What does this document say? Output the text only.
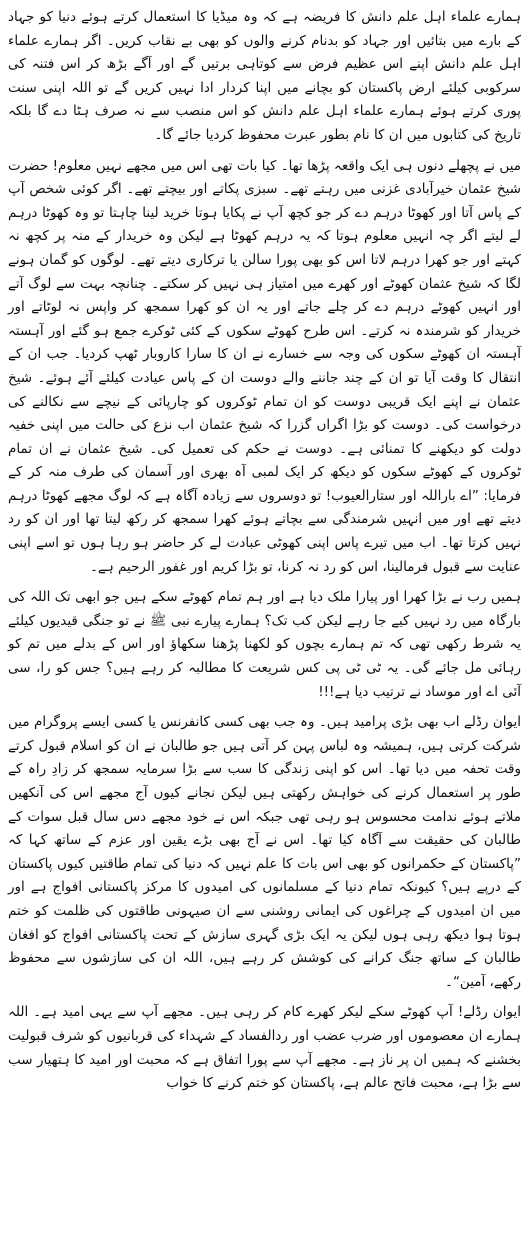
ہمارے علماء اہل علم دانش کا فریضہ ہے کہ وہ میڈیا کا استعمال کرتے ہوئے دنیا کو جہاد کے بارے میں بتائیں اور جہاد کو بدنام کرنے والوں کو بھی بے نقاب کریں۔ اگر ہمارے علماء اہل علم دانش اپنے اس عظیم فرض سے کوتاہی برتیں گے اور آگے بڑھ کر اس فتنہ کی سرکوبی کیلئے ارض پاکستان کو بچانے میں اپنا کردار ادا نہیں کریں گے تو اللہ اپنی سنت پوری کرتے ہوئے ہمارے علماء اہل علم دانش کو اس منصب سے نہ صرف ہٹا دے گا بلکہ تاریخ کی کتابوں میں ان کا نام بطور عبرت محفوظ کردیا جائے گا۔

میں نے پچھلے دنوں ہی ایک واقعہ پڑھا تھا۔ کیا بات تھی اس میں مجھے نہیں معلوم! حضرت شیخ عثمان خیرآبادی غزنی میں رہتے تھے۔ سبزی پکاتے اور بیچتے تھے۔ اگر کوئی شخص آپ کے پاس آتا اور کھوٹا درہم دے کر جو کچھ آپ نے پکایا ہوتا خرید لینا چاہتا تو وہ کھوٹا درہم لے لیتے اگر چہ انہیں معلوم ہوتا کہ یہ درہم کھوٹا ہے لیکن وہ خریدار کے منہ پر کچھ نہ کہتے اور جو کھرا درہم لاتا اس کو بھی پورا سالن یا ترکاری دیتے تھے۔ لوگوں کو گمان ہونے لگا کہ شیخ عثمان کھوٹے اور کھرے میں امتیاز ہی نہیں کر سکتے۔ چنانچہ بہت سے لوگ آتے اور انہیں کھوٹے درہم دے کر چلے جاتے اور یہ ان کو کھرا سمجھ کر واپس نہ لوٹاتے اور خریدار کو شرمندہ نہ کرتے۔ اس طرح کھوٹے سکوں کے کئی ٹوکرے جمع ہو گئے اور آہستہ آہستہ ان کھوٹے سکوں کی وجہ سے خسارے نے ان کا سارا کاروبار ٹھپ کردیا۔ جب ان کے انتقال کا وقت آیا تو ان کے چند جاننے والے دوست ان کے پاس عیادت کیلئے آئے ہوئے۔ شیخ عثمان نے اپنے ایک قریبی دوست کو ان تمام ٹوکروں کو چارپائی کے نیچے سے نکالنے کی درخواست کی۔ دوست کو بڑا اگراں گزرا کہ شیخ عثمان اب نزع کی حالت میں اپنی خفیہ دولت کو دیکھنے کا تمنائی ہے۔ دوست نے حکم کی تعمیل کی۔ شیخ عثمان نے ان تمام ٹوکروں کے کھوٹے سکوں کو دیکھ کر ایک لمبی آہ بھری اور آسمان کی طرف منہ کر کے فرمایا: ”اے باراللہ اور ستارالعیوب! تو دوسروں سے زیادہ آگاہ ہے کہ لوگ مجھے کھوٹا درہم دیتے تھے اور میں انہیں شرمندگی سے بچاتے ہوئے کھرا سمجھ کر رکھ لیتا تھا اور ان کو رد نہیں کرتا تھا۔ اب میں تیرے پاس اپنی کھوٹی عبادت لے کر حاضر ہو رہا ہوں تو اسے اپنی عنایت سے قبول فرمالینا، اس کو رد نہ کرنا، تو بڑا کریم اور غفور الرحیم ہے۔

ہمیں رب نے بڑا کھرا اور پیارا ملک دیا ہے اور ہم تمام کھوٹے سکے ہیں جو ابھی تک اللہ کی بارگاہ میں رد نہیں کیے جا رہے لیکن کب تک؟ ہمارے پیارے نبی ﷺ نے تو جنگی قیدیوں کیلئے یہ شرط رکھی تھی کہ تم ہمارے بچوں کو لکھنا پڑھنا سکھاؤ اور اس کے بدلے میں تم کو رہائی مل جائے گی۔ یہ ٹی ٹی پی کس شریعت کا مطالبہ کر رہے ہیں؟ جس کو را، سی آئی اے اور موساد نے ترتیب دیا ہے!!!

ایوان رڈلے اب بھی بڑی پرامید ہیں۔ وہ جب بھی کسی کانفرنس یا کسی ایسے پروگرام میں شرکت کرتی ہیں، ہمیشہ وہ لباس پہن کر آتی ہیں جو طالبان نے ان کو اسلام قبول کرتے وقت تحفہ میں دیا تھا۔ اس کو اپنی زندگی کا سب سے بڑا سرمایہ سمجھ کر زادِ راہ کے طور پر استعمال کرنے کی خواہش رکھتی ہیں لیکن نجانے کیوں آج مجھے اس کی آنکھیں ملاتے ہوئے ندامت محسوس ہو رہی تھی جبکہ اس نے خود مجھے دس سال قبل سوات کے طالبان کی حقیقت سے آگاہ کیا تھا۔ اس نے آج بھی بڑے یقین اور عزم کے ساتھ کہا کہ ”پاکستان کے حکمرانوں کو بھی اس بات کا علم نہیں کہ دنیا کی تمام طاقتیں کیوں پاکستان کے درپے ہیں؟ کیونکہ تمام دنیا کے مسلمانوں کی امیدوں کا مرکز پاکستانی افواج ہے اور میں ان امیدوں کے چراغوں کی ایمانی روشنی سے ان صیہونی طاقتوں کی ظلمت کو ختم ہوتا ہوا دیکھ رہی ہوں لیکن یہ ایک بڑی گہری سازش کے تحت پاکستانی افواج کو افغان طالبان کے ساتھ جنگ کرانے کی کوشش کر رہے ہیں، اللہ ان کی سازشوں سے محفوظ رکھے، آمین“۔

ایوان رڈلے! آپ کھوٹے سکے لیکر کھرے کام کر رہی ہیں۔ مجھے آپ سے یہی امید ہے۔ اللہ ہمارے ان معصوموں اور ضرب عضب اور ردالفساد کے شہداء کی قربانیوں کو شرف قبولیت بخشنے کہ ہمیں ان پر ناز ہے۔ مجھے آپ سے پورا اتفاق ہے کہ محبت اور امید کا ہتھیار سب سے بڑا ہے، محبت فاتح عالم ہے، پاکستان کو ختم کرنے کا خواب
